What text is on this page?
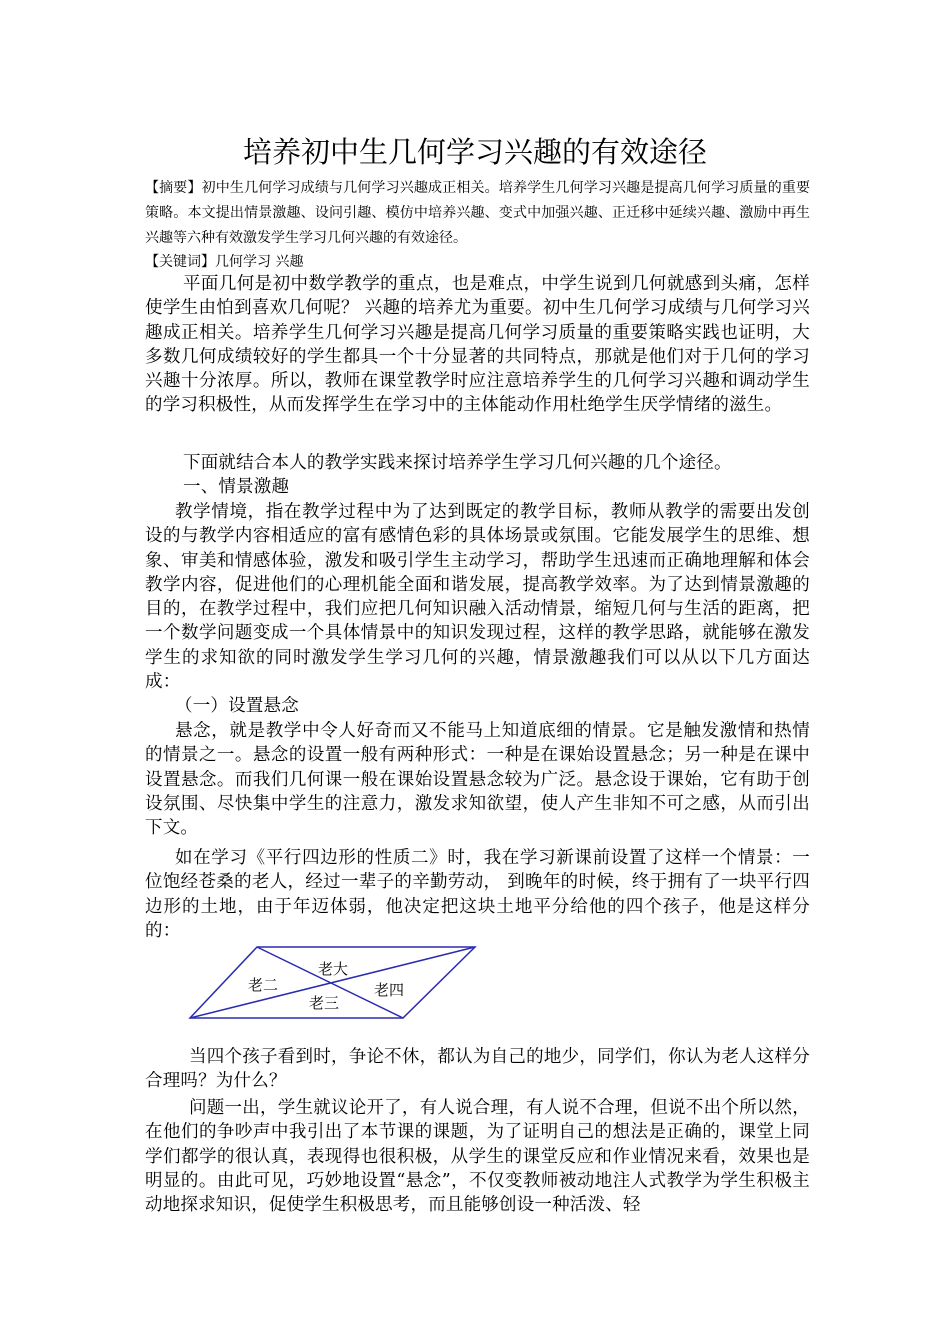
培养初中生几何学习兴趣的有效途径

【摘要】初中生几何学习成绩与几何学习兴趣成正相关。培养学生几何学习兴趣是提高几何学习质量的重要策略。本文提出情景激趣、设问引趣、模仿中培养兴趣、变式中加强兴趣、正迁移中延续兴趣、激励中再生兴趣等六种有效激发学生学习几何兴趣的有效途径。

【关键词】几何学习 兴趣

平面几何是初中数学教学的重点，也是难点，中学生说到几何就感到头痛，怎样使学生由怕到喜欢几何呢？ 兴趣的培养尤为重要。初中生几何学习成绩与几何学习兴趣成正相关。培养学生几何学习兴趣是提高几何学习质量的重要策略实践也证明，大多数几何成绩较好的学生都具一个十分显著的共同特点，那就是他们对于几何的学习兴趣十分浓厚。所以，教师在课堂教学时应注意培养学生的几何学习兴趣和调动学生的学习积极性，从而发挥学生在学习中的主体能动作用杜绝学生厌学情绪的滋生。

下面就结合本人的教学实践来探讨培养学生学习几何兴趣的几个途径。

一、情景激趣

教学情境，指在教学过程中为了达到既定的教学目标，教师从教学的需要出发创设的与教学内容相适应的富有感情色彩的具体场景或氛围。它能发展学生的思维、想象、审美和情感体验，激发和吸引学生主动学习，帮助学生迅速而正确地理解和体会教学内容，促进他们的心理机能全面和谐发展，提高教学效率。为了达到情景激趣的目的，在教学过程中，我们应把几何知识融入活动情景，缩短几何与生活的距离，把一个数学问题变成一个具体情景中的知识发现过程，这样的教学思路，就能够在激发学生的求知欲的同时激发学生学习几何的兴趣，情景激趣我们可以从以下几方面达成：

（一）设置悬念

悬念，就是教学中令人好奇而又不能马上知道底细的情景。它是触发激情和热情的情景之一。悬念的设置一般有两种形式：一种是在课始设置悬念；另一种是在课中设置悬念。而我们几何课一般在课始设置悬念较为广泛。悬念设于课始，它有助于创设氛围、尽快集中学生的注意力，激发求知欲望，使人产生非知不可之感，从而引出下文。

如在学习《平行四边形的性质二》时，我在学习新课前设置了这样一个情景：一位饱经苍桑的老人，经过一辈子的辛勤劳动， 到晚年的时候，终于拥有了一块平行四边形的土地，由于年迈体弱，他决定把这块土地平分给他的四个孩子，他是这样分的：

老大
老二
老三
老四

当四个孩子看到时，争论不休，都认为自己的地少，同学们，你认为老人这样分合理吗？为什么？

问题一出，学生就议论开了，有人说合理，有人说不合理，但说不出个所以然，在他们的争吵声中我引出了本节课的课题，为了证明自己的想法是正确的，课堂上同学们都学的很认真，表现得也很积极，从学生的课堂反应和作业情况来看，效果也是明显的。由此可见，巧妙地设置“悬念”，不仅变教师被动地注人式教学为学生积极主动地探求知识，促使学生积极思考，而且能够创设一种活泼、轻
